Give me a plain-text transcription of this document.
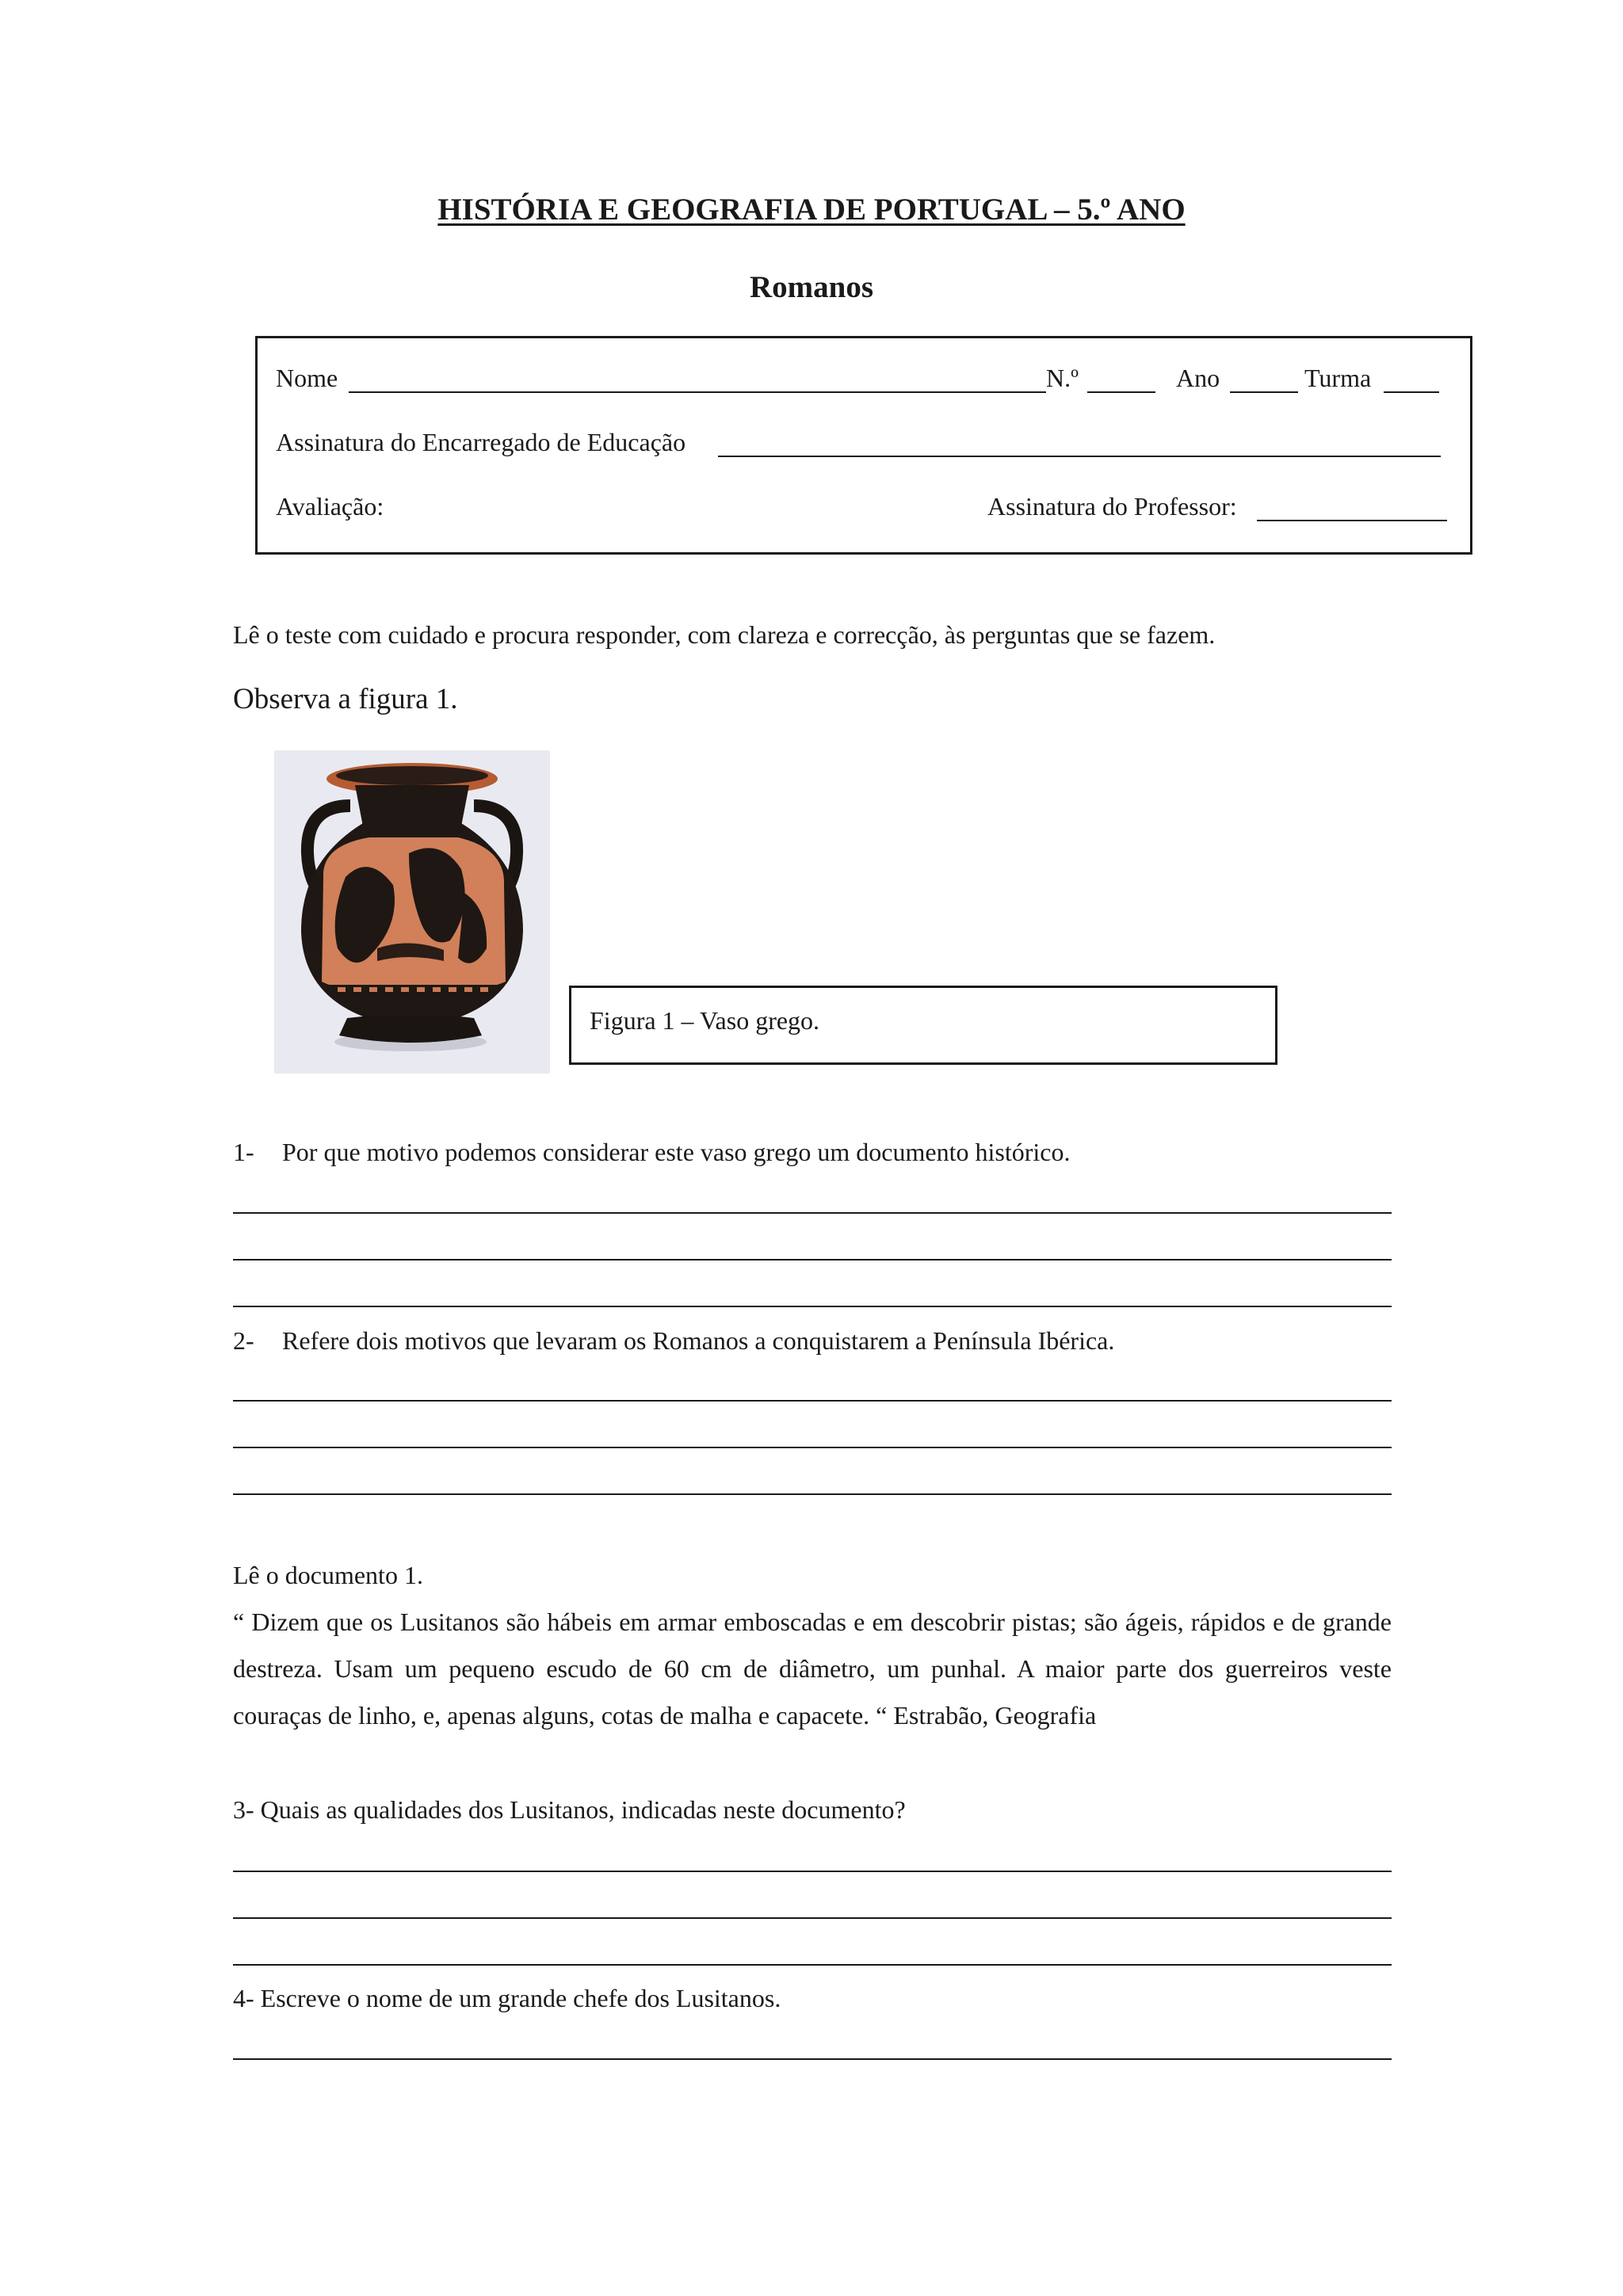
HISTÓRIA E GEOGRAFIA DE PORTUGAL – 5.º ANO
Romanos
Nome	N.º	Ano	Turma
Assinatura do Encarregado de Educação
Avaliação:	Assinatura do Professor:
Lê o teste com cuidado e procura responder, com clareza e correcção, às perguntas que se fazem.
Observa a figura 1.
Figura 1 – Vaso grego.
1- Por que motivo podemos considerar este vaso grego um documento histórico.
2- Refere dois motivos que levaram os Romanos a conquistarem a Península Ibérica.
Lê o documento 1.
“ Dizem que os Lusitanos são hábeis em armar emboscadas e em descobrir pistas; são ágeis, rápidos e de grande destreza. Usam um pequeno escudo de 60 cm de diâmetro, um punhal. A maior parte dos guerreiros veste couraças de linho, e, apenas alguns, cotas de malha e capacete. “ Estrabão, Geografia
3- Quais as qualidades dos Lusitanos, indicadas neste documento?
4- Escreve o nome de um grande chefe dos Lusitanos.
